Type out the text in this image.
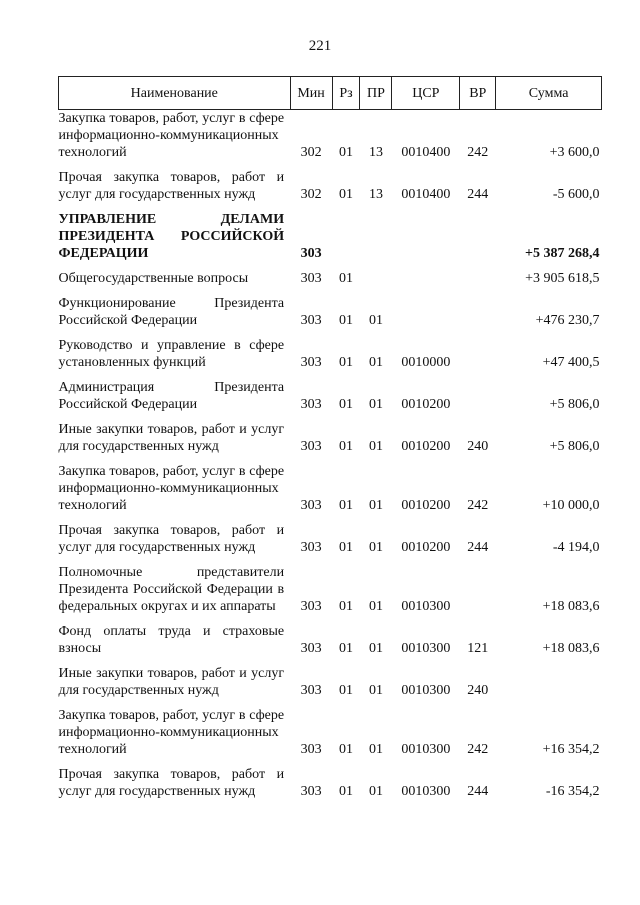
221
Наименование	Мин	Рз	ПР	ЦСР	ВР	Сумма
Закупка товаров, работ, услуг в сфере информационно-коммуникационных технологий	302	01	13	0010400	242	+3 600,0
Прочая закупка товаров, работ и услуг для государственных нужд	302	01	13	0010400	244	-5 600,0
УПРАВЛЕНИЕ ДЕЛАМИ ПРЕЗИДЕНТА РОССИЙСКОЙ ФЕДЕРАЦИИ	303					+5 387 268,4
Общегосударственные вопросы	303	01				+3 905 618,5
Функционирование Президента Российской Федерации	303	01	01			+476 230,7
Руководство и управление в сфере установленных функций	303	01	01	0010000		+47 400,5
Администрация Президента Российской Федерации	303	01	01	0010200		+5 806,0
Иные закупки товаров, работ и услуг для государственных нужд	303	01	01	0010200	240	+5 806,0
Закупка товаров, работ, услуг в сфере информационно-коммуникационных технологий	303	01	01	0010200	242	+10 000,0
Прочая закупка товаров, работ и услуг для государственных нужд	303	01	01	0010200	244	-4 194,0
Полномочные представители Президента Российской Федерации в федеральных округах и их аппараты	303	01	01	0010300		+18 083,6
Фонд оплаты труда и страховые взносы	303	01	01	0010300	121	+18 083,6
Иные закупки товаров, работ и услуг для государственных нужд	303	01	01	0010300	240	
Закупка товаров, работ, услуг в сфере информационно-коммуникационных технологий	303	01	01	0010300	242	+16 354,2
Прочая закупка товаров, работ и услуг для государственных нужд	303	01	01	0010300	244	-16 354,2
